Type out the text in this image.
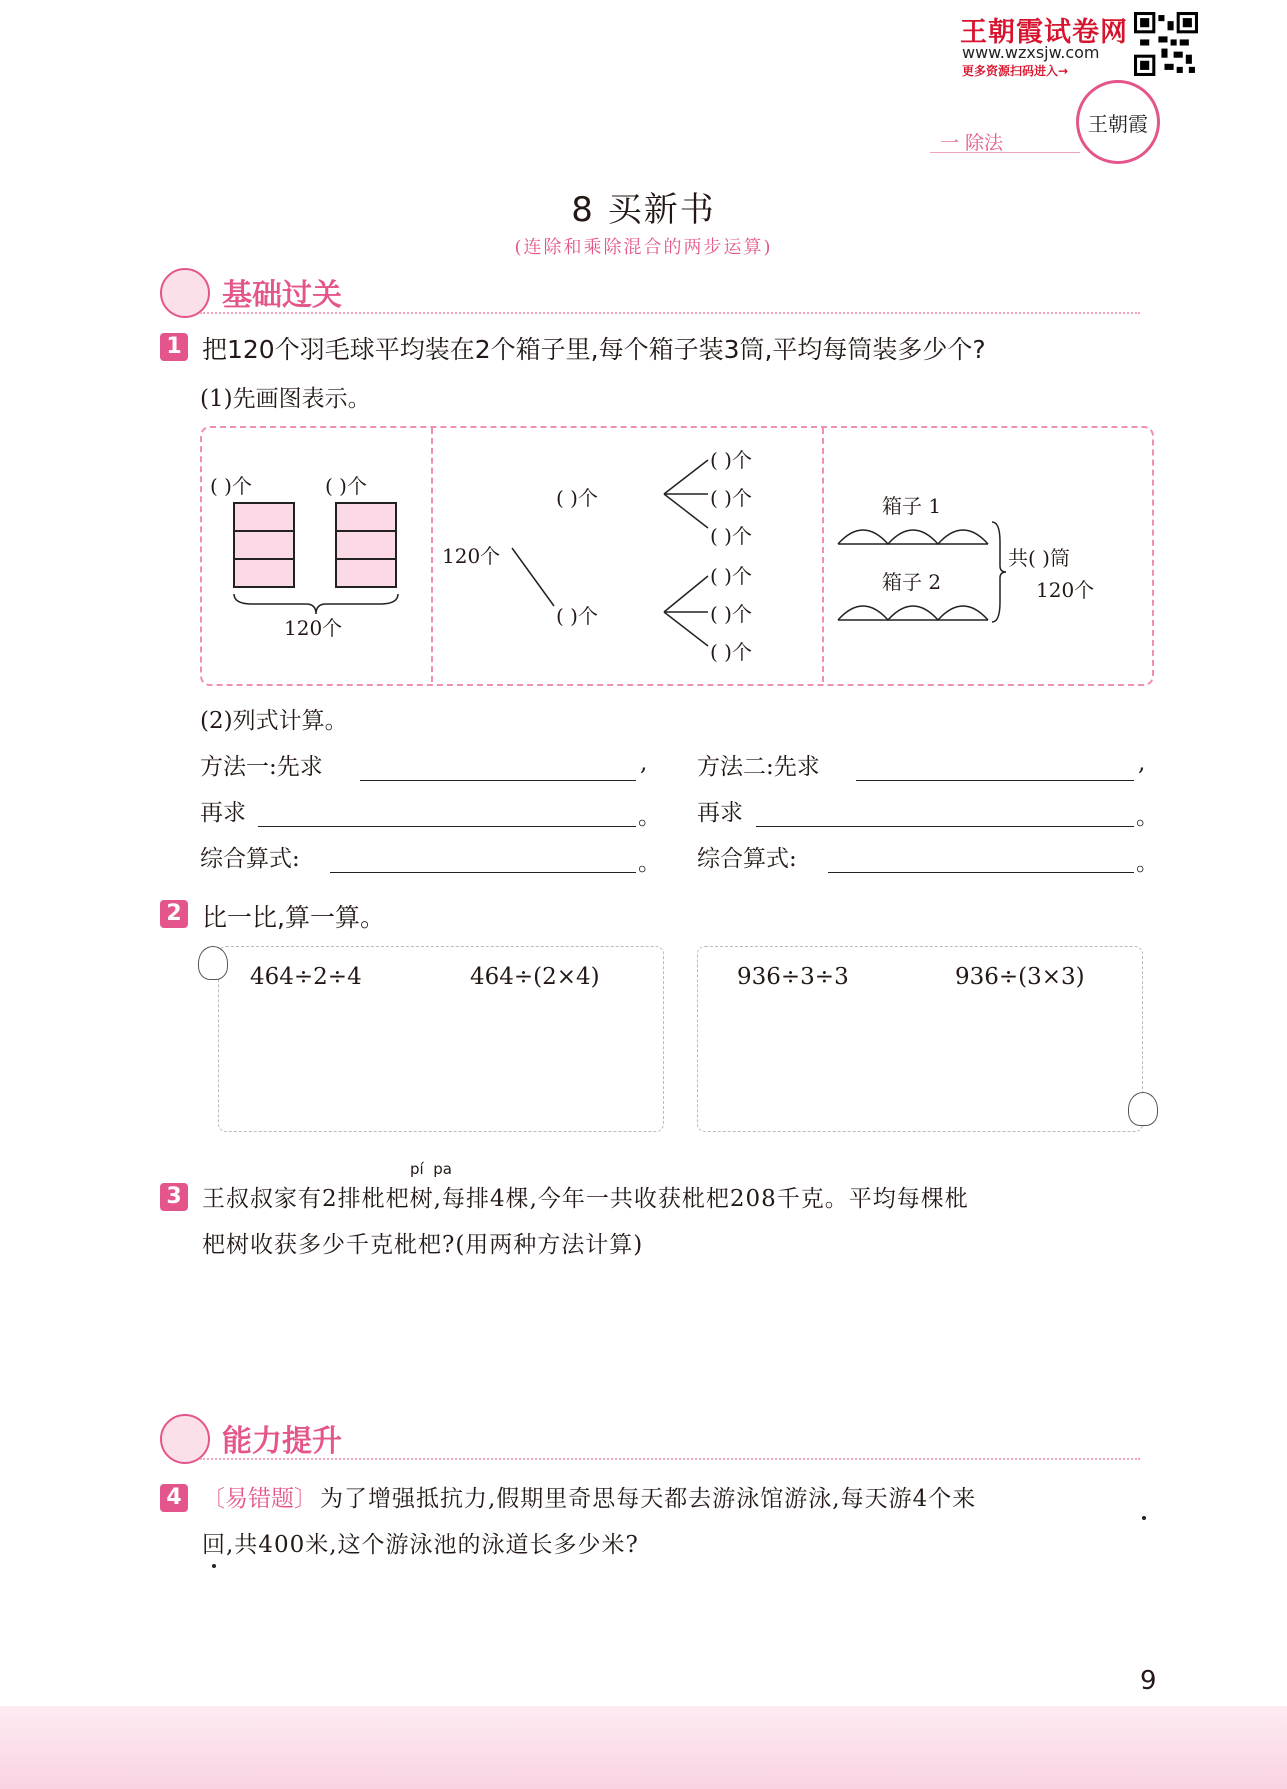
王朝霞试卷网
www.wzxsjw.com
更多资源扫码进入→
王朝霞
一 除法
8 买新书
(连除和乘除混合的两步运算)
基础过关
1 把120个羽毛球平均装在2个箱子里,每个箱子装3筒,平均每筒装多少个?
(1)先画图表示。
( )个	( )个
120个
120个
( )个
( )个
( )个
( )个
( )个
( )个
( )个
( )个
箱子 1
箱子 2
共( )筒
120个
(2)列式计算。
方法一:先求	, 方法二:先求	,
再求	。 再求	。
综合算式:	。 综合算式:	。
2 比一比,算一算。
464÷2÷4	464÷(2×4)	936÷3÷3	936÷(3×3)
pí  pa
3 王叔叔家有2排枇杷树,每排4棵,今年一共收获枇杷208千克。平均每棵枇
杷树收获多少千克枇杷?(用两种方法计算)
能力提升
4 〔易错题〕 为了增强抵抗力,假期里奇思每天都去游泳馆游泳,每天游4个来
回,共400米,这个游泳池的泳道长多少米?
9
